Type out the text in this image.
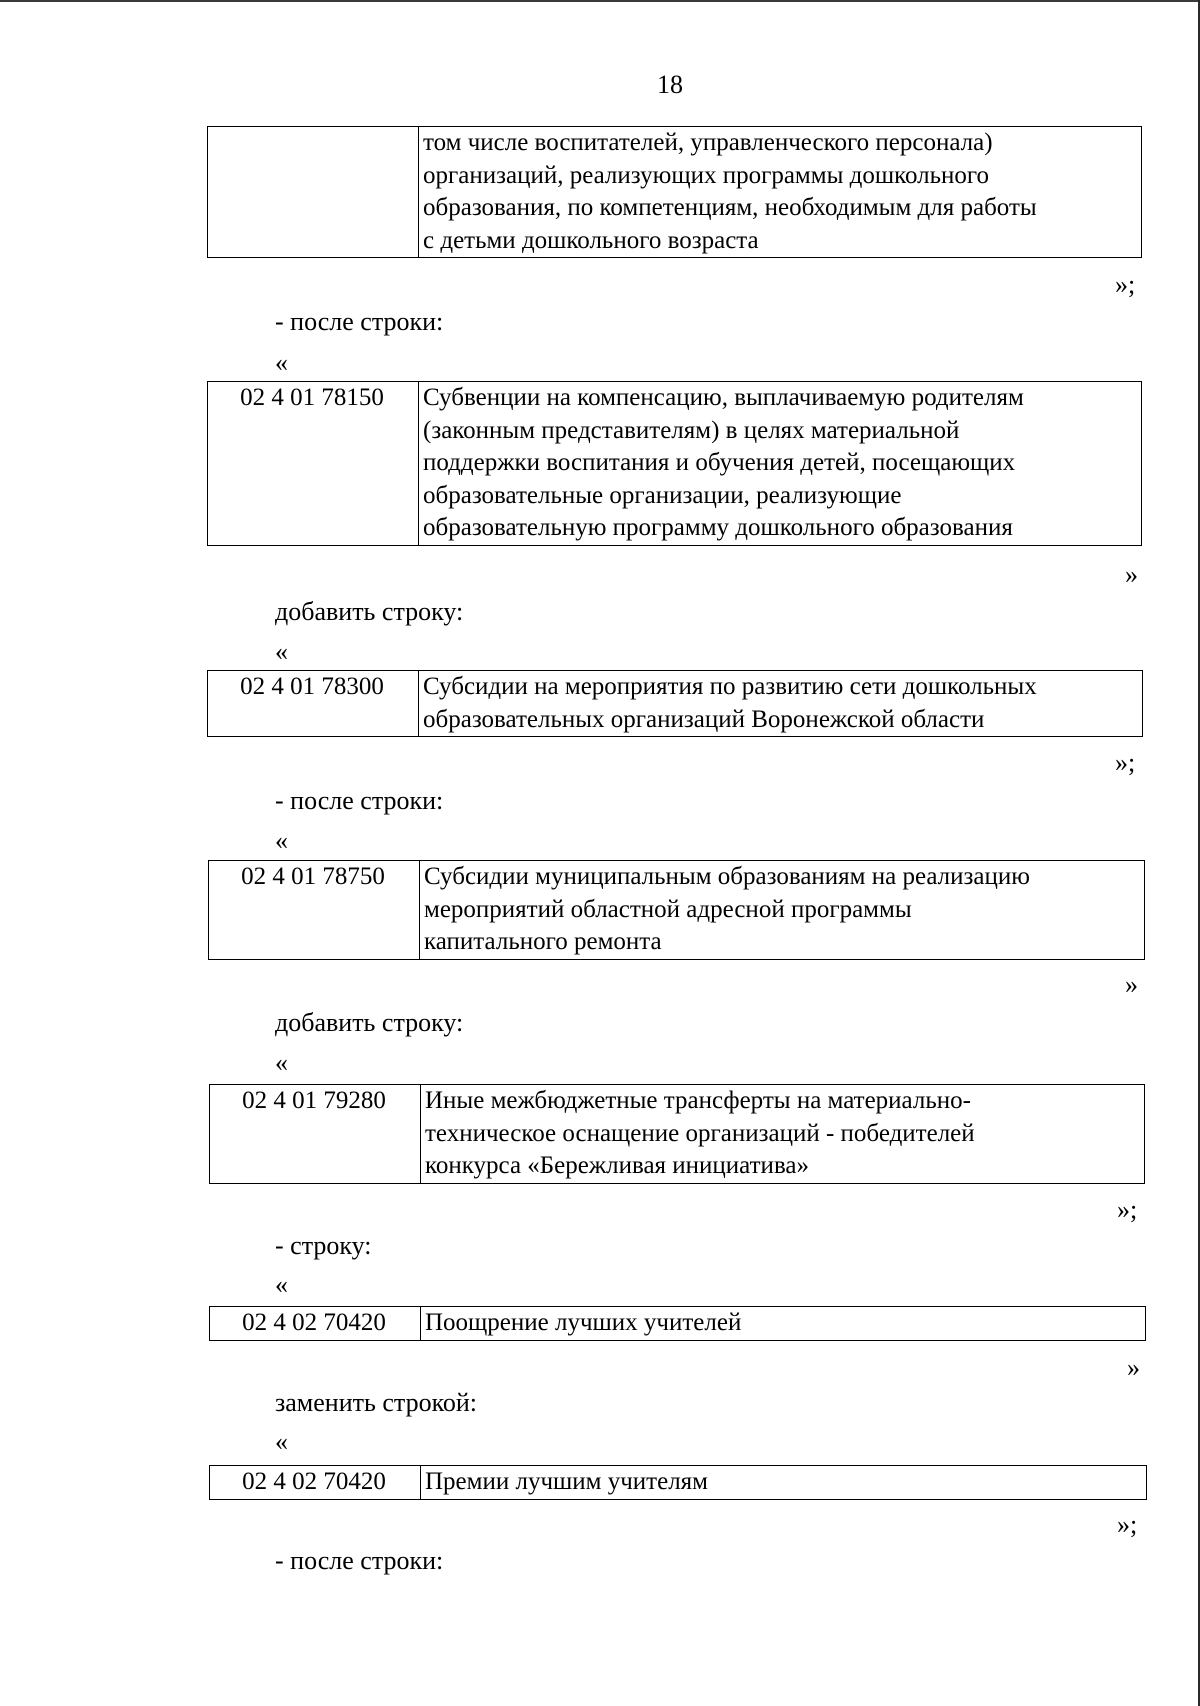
18

том числе воспитателей, управленческого персонала)
организаций, реализующих программы дошкольного
образования, по компетенциям, необходимым для работы
с детьми дошкольного возраста
»;
- после строки:
«
02 4 01 78150	Субвенции на компенсацию, выплачиваемую родителям
(законным представителям) в целях материальной
поддержки воспитания и обучения детей, посещающих
образовательные организации, реализующие
образовательную программу дошкольного образования
»
добавить строку:
«
02 4 01 78300	Субсидии на мероприятия по развитию сети дошкольных
образовательных организаций Воронежской области
»;
- после строки:
«
02 4 01 78750	Субсидии муниципальным образованиям на реализацию
мероприятий областной адресной программы
капитального ремонта
»
добавить строку:
«
02 4 01 79280	Иные межбюджетные трансферты на материально-
техническое оснащение организаций - победителей
конкурса «Бережливая инициатива»
»;
- строку:
«
02 4 02 70420	Поощрение лучших учителей
»
заменить строкой:
«
02 4 02 70420	Премии лучшим учителям
»;
- после строки:
